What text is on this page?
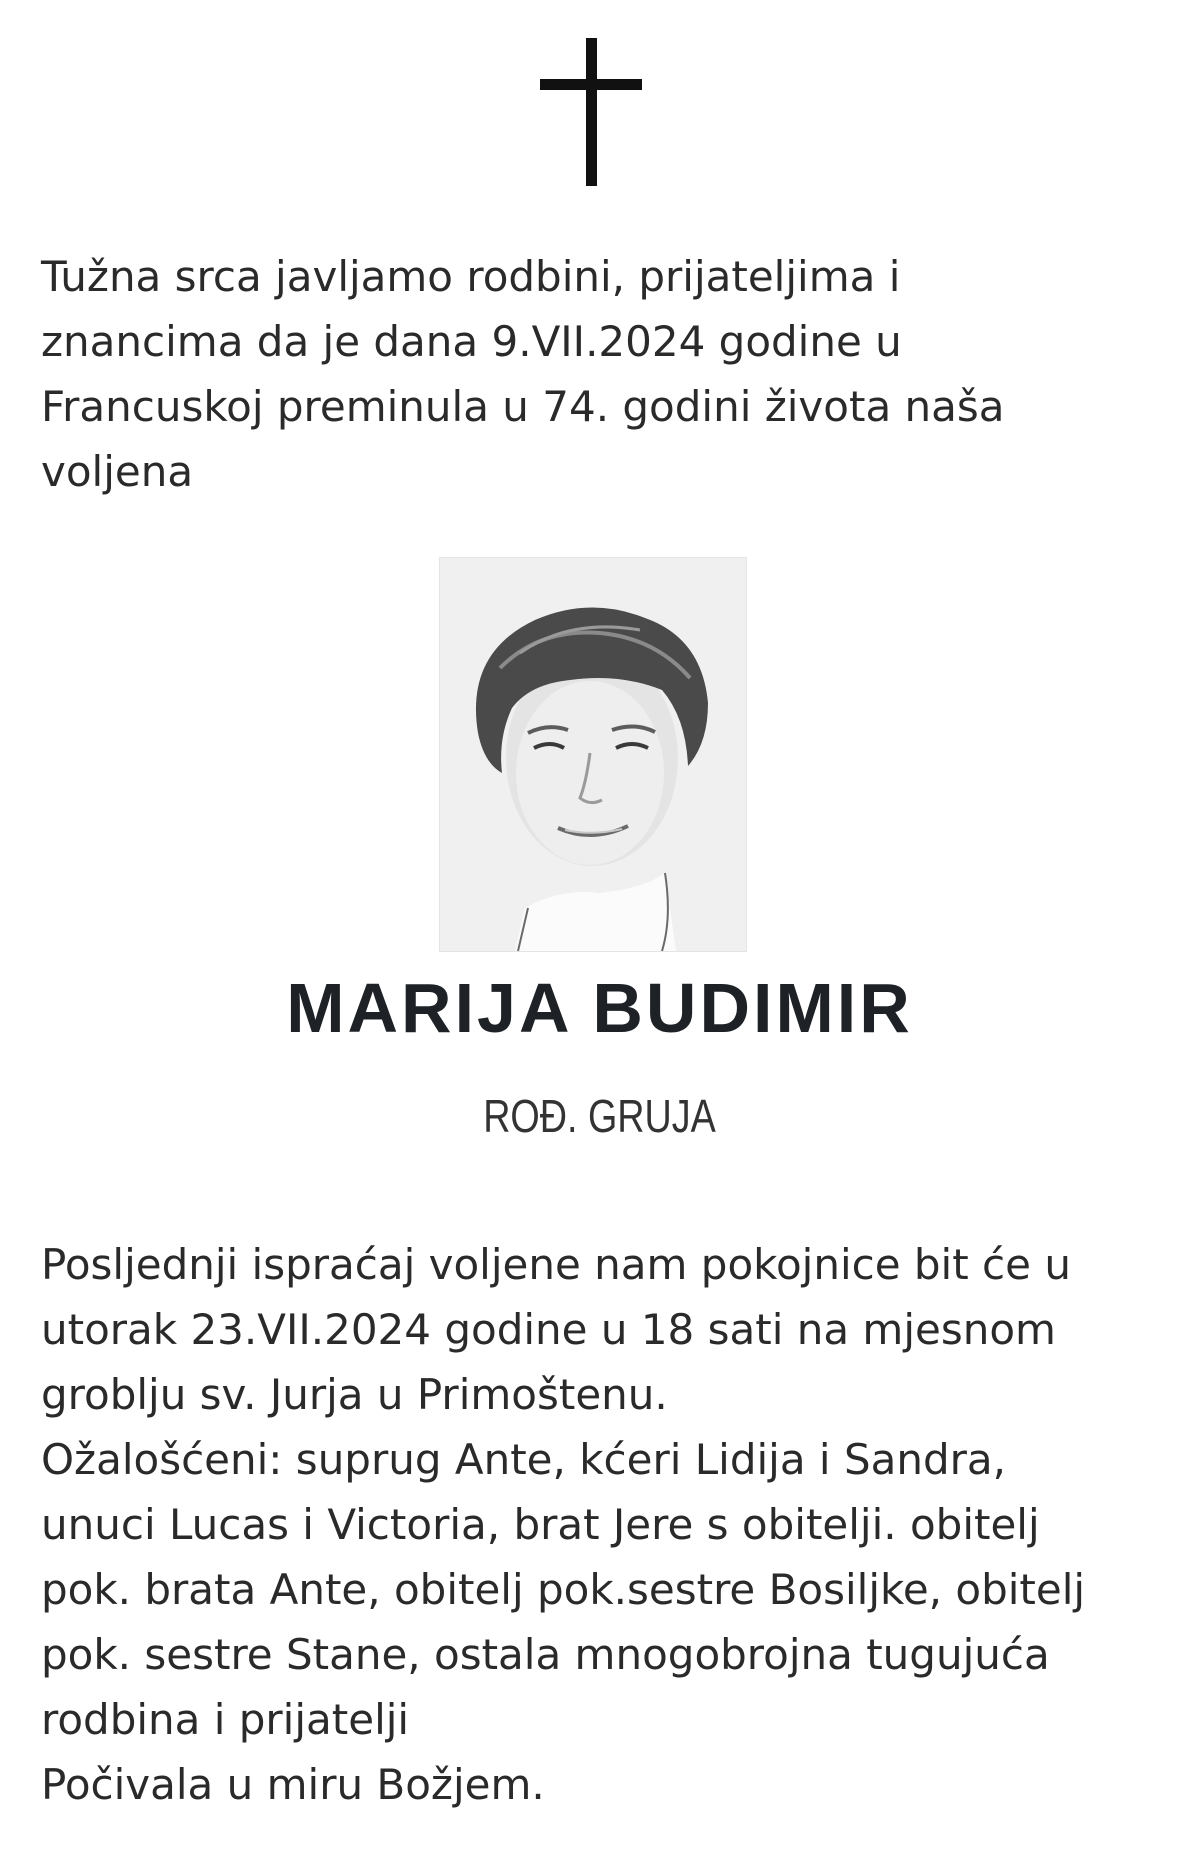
Tužna srca javljamo rodbini, prijateljima i
znancima da je dana 9.VII.2024 godine u
Francuskoj preminula u 74. godini života naša
voljena

MARIJA BUDIMIR
ROĐ. GRUJA

Posljednji ispraćaj voljene nam pokojnice bit će u
utorak 23.VII.2024 godine u 18 sati na mjesnom
groblju sv. Jurja u Primoštenu.
Ožalošćeni: suprug Ante, kćeri Lidija i Sandra,
unuci Lucas i Victoria, brat Jere s obitelji. obitelj
pok. brata Ante, obitelj pok.sestre Bosiljke, obitelj
pok. sestre Stane, ostala mnogobrojna tugujuća
rodbina i prijatelji
Počivala u miru Božjem.
